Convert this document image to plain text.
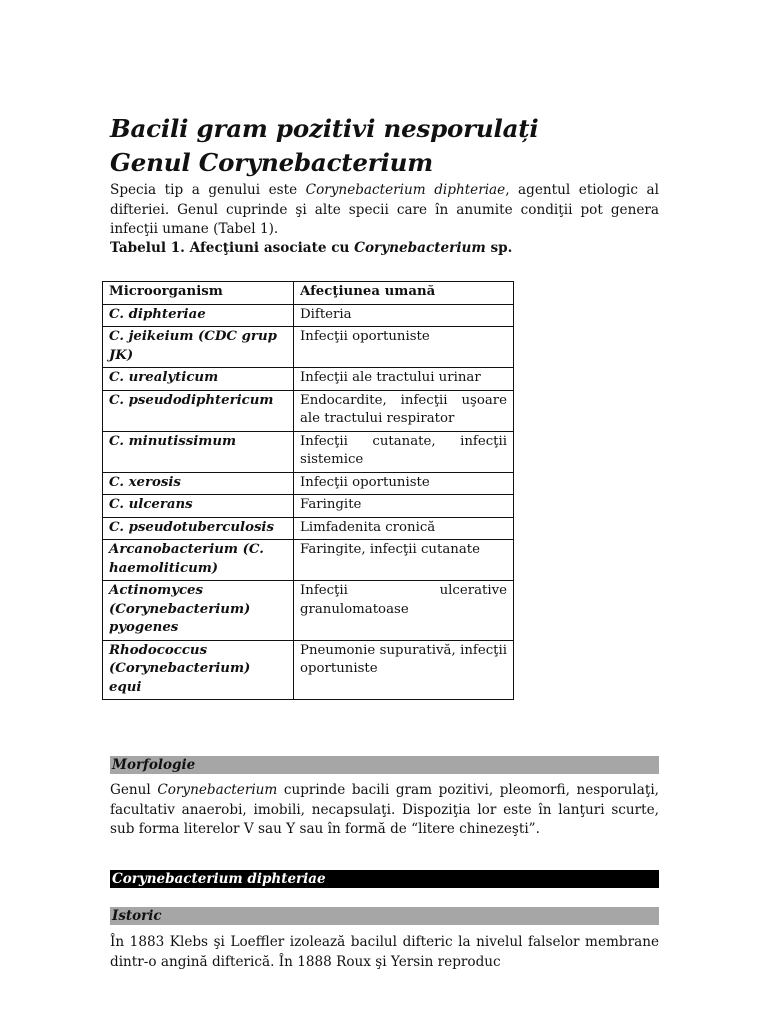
Bacili gram pozitivi nesporulați
Genul Corynebacterium

Specia tip a genului este Corynebacterium diphteriae, agentul etiologic al difteriei. Genul cuprinde şi alte specii care în anumite condiţii pot genera infecţii umane (Tabel 1).

Tabelul 1. Afecţiuni asociate cu Corynebacterium sp.

Microorganism	Afecţiunea umană
C. diphteriae	Difteria
C. jeikeium (CDC grup JK)	Infecţii oportuniste
C. urealyticum	Infecţii ale tractului urinar
C. pseudodiphtericum	Endocardite, infecţii uşoare ale tractului respirator
C. minutissimum	Infecţii cutanate, infecţii sistemice
C. xerosis	Infecţii oportuniste
C. ulcerans	Faringite
C. pseudotuberculosis	Limfadenita cronică
Arcanobacterium (C. haemoliticum)	Faringite, infecţii cutanate
Actinomyces (Corynebacterium) pyogenes	Infecţii ulcerative granulomatoase
Rhodococcus (Corynebacterium) equi	Pneumonie supurativă, infecţii oportuniste
Morfologie

Genul Corynebacterium cuprinde bacili gram pozitivi, pleomorfi, nesporulaţi, facultativ anaerobi, imobili, necapsulaţi. Dispoziţia lor este în lanţuri scurte, sub forma literelor V sau Y sau în formă de “litere chinezeşti”.

Corynebacterium diphteriae
Istoric

În 1883 Klebs şi Loeffler izolează bacilul difteric la nivelul falselor membrane dintr-o angină difterică. În 1888 Roux şi Yersin reproduc
